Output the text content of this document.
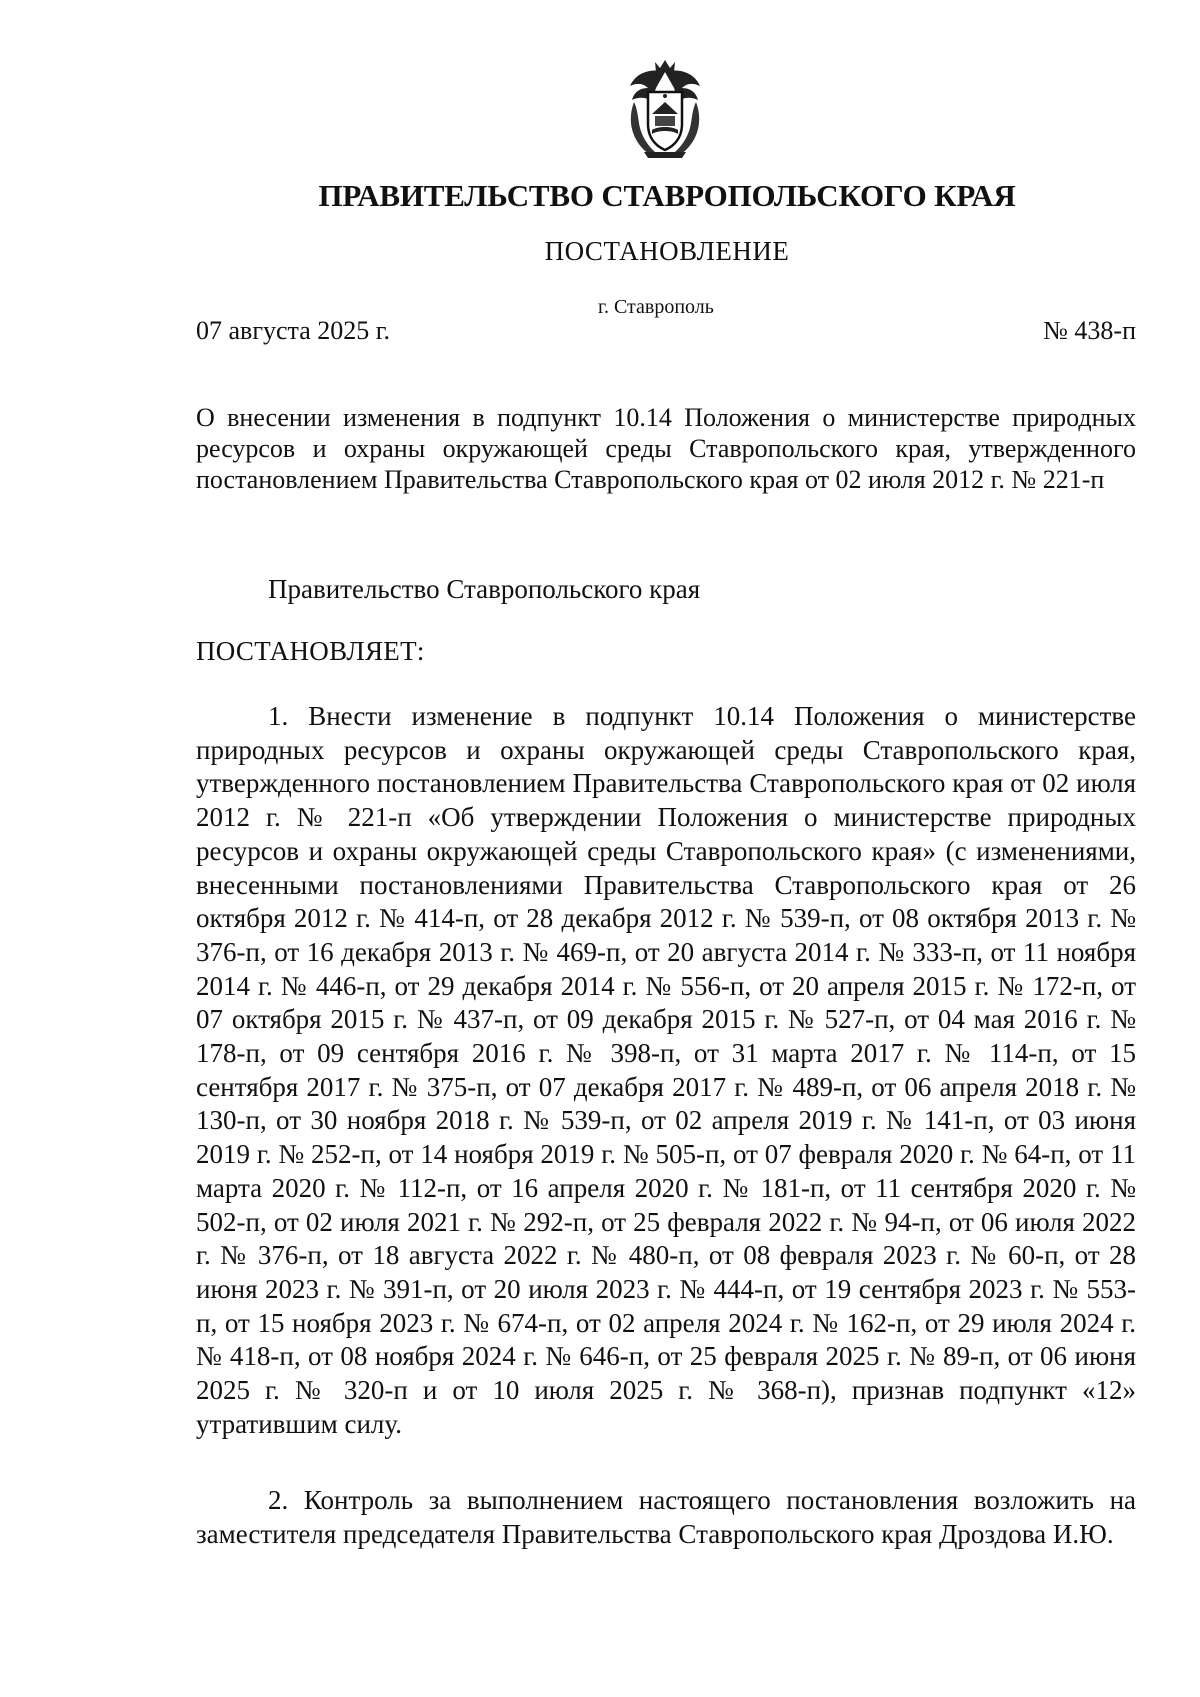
ПРАВИТЕЛЬСТВО СТАВРОПОЛЬСКОГО КРАЯ
ПОСТАНОВЛЕНИЕ
г. Ставрополь
07 августа 2025 г.	№ 438-п
О внесении изменения в подпункт 10.14 Положения о министерстве природных ресурсов и охраны окружающей среды Ставропольского края, утвержденного постановлением Правительства Ставропольского края от 02 июля 2012 г. № 221-п
Правительство Ставропольского края
ПОСТАНОВЛЯЕТ:
1. Внести изменение в подпункт 10.14 Положения о министерстве природных ресурсов и охраны окружающей среды Ставропольского края, утвержденного постановлением Правительства Ставропольского края от 02 июля 2012 г. № 221-п «Об утверждении Положения о министерстве природных ресурсов и охраны окружающей среды Ставропольского края» (с изменениями, внесенными постановлениями Правительства Ставропольского края от 26 октября 2012 г. № 414-п, от 28 декабря 2012 г. № 539-п, от 08 октября 2013 г. № 376-п, от 16 декабря 2013 г. № 469-п, от 20 августа 2014 г. № 333-п, от 11 ноября 2014 г. № 446-п, от 29 декабря 2014 г. № 556-п, от 20 апреля 2015 г. № 172-п, от 07 октября 2015 г. № 437-п, от 09 декабря 2015 г. № 527-п, от 04 мая 2016 г. № 178-п, от 09 сентября 2016 г. № 398-п, от 31 марта 2017 г. № 114-п, от 15 сентября 2017 г. № 375-п, от 07 декабря 2017 г. № 489-п, от 06 апреля 2018 г. № 130-п, от 30 ноября 2018 г. № 539-п, от 02 апреля 2019 г. № 141-п, от 03 июня 2019 г. № 252-п, от 14 ноября 2019 г. № 505-п, от 07 февраля 2020 г. № 64-п, от 11 марта 2020 г. № 112-п, от 16 апреля 2020 г. № 181-п, от 11 сентября 2020 г. № 502-п, от 02 июля 2021 г. № 292-п, от 25 февраля 2022 г. № 94-п, от 06 июля 2022 г. № 376-п, от 18 августа 2022 г. № 480-п, от 08 февраля 2023 г. № 60-п, от 28 июня 2023 г. № 391-п, от 20 июля 2023 г. № 444-п, от 19 сентября 2023 г. № 553-п, от 15 ноября 2023 г. № 674-п, от 02 апреля 2024 г. № 162-п, от 29 июля 2024 г. № 418-п, от 08 ноября 2024 г. № 646-п, от 25 февраля 2025 г. № 89-п, от 06 июня 2025 г. № 320-п и от 10 июля 2025 г. № 368-п), признав подпункт «12» утратившим силу.
2. Контроль за выполнением настоящего постановления возложить на заместителя председателя Правительства Ставропольского края Дроздова И.Ю.
